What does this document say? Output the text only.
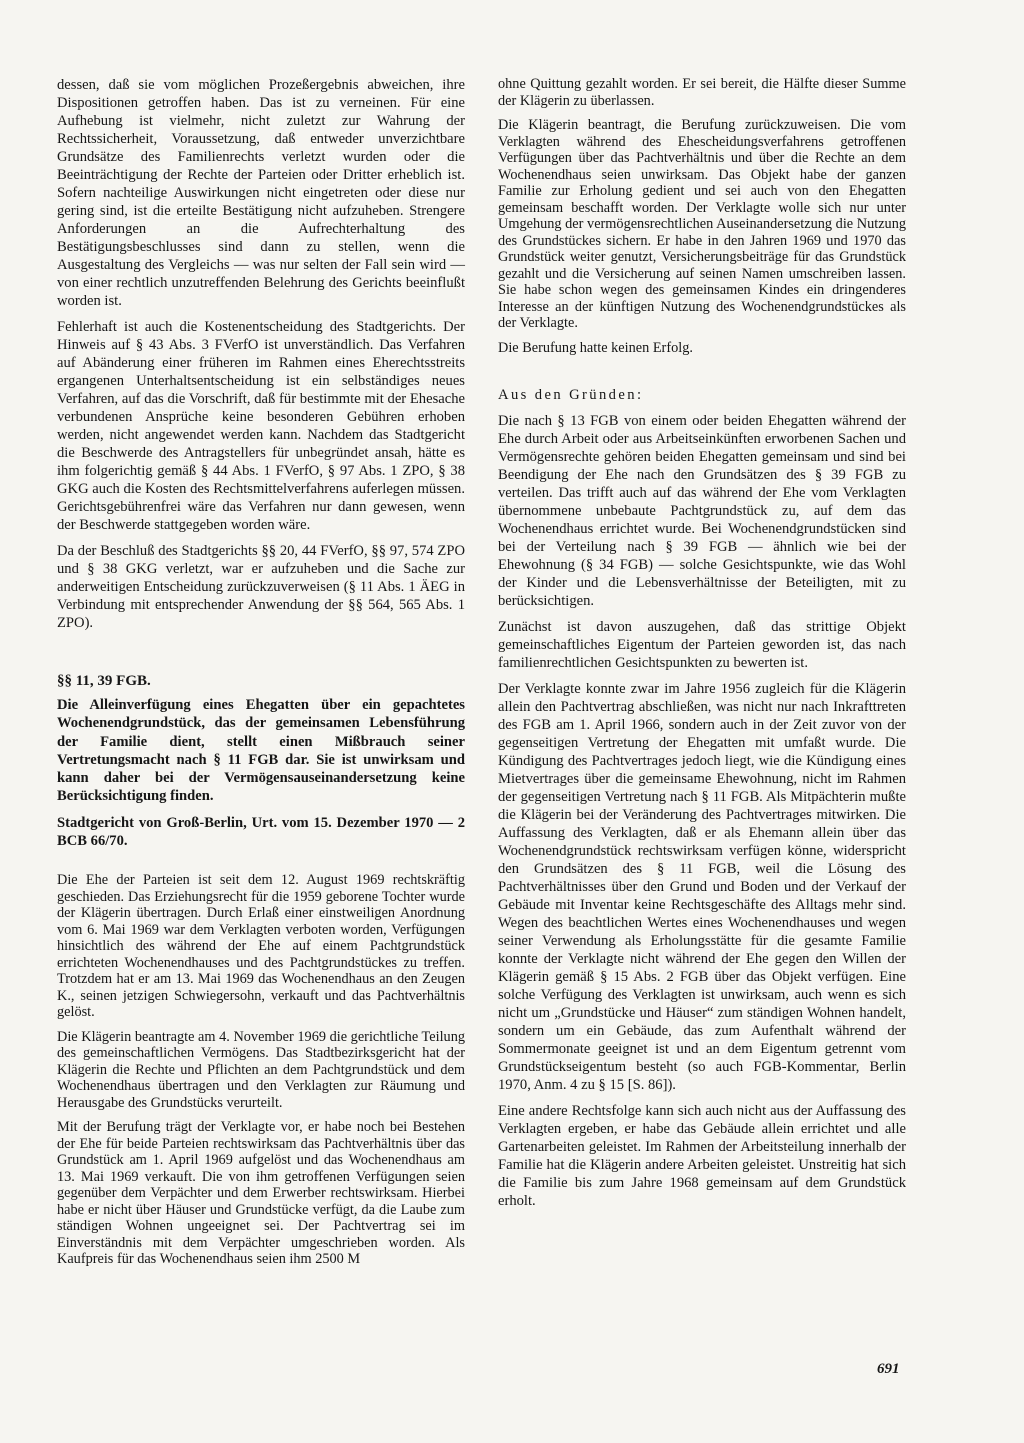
dessen, daß sie vom möglichen Prozeßergebnis abweichen, ihre Dispositionen getroffen haben. Das ist zu verneinen. Für eine Aufhebung ist vielmehr, nicht zuletzt zur Wahrung der Rechtssicherheit, Voraussetzung, daß entweder unverzichtbare Grundsätze des Familienrechts verletzt wurden oder die Beeinträchtigung der Rechte der Parteien oder Dritter erheblich ist. Sofern nachteilige Auswirkungen nicht eingetreten oder diese nur gering sind, ist die erteilte Bestätigung nicht aufzuheben. Strengere Anforderungen an die Aufrechterhaltung des Bestätigungsbeschlusses sind dann zu stellen, wenn die Ausgestaltung des Vergleichs — was nur selten der Fall sein wird — von einer rechtlich unzutreffenden Belehrung des Gerichts beeinflußt worden ist.

Fehlerhaft ist auch die Kostenentscheidung des Stadtgerichts. Der Hinweis auf § 43 Abs. 3 FVerfO ist unverständlich. Das Verfahren auf Abänderung einer früheren im Rahmen eines Eherechtsstreits ergangenen Unterhaltsentscheidung ist ein selbständiges neues Verfahren, auf das die Vorschrift, daß für bestimmte mit der Ehesache verbundenen Ansprüche keine besonderen Gebühren erhoben werden, nicht angewendet werden kann. Nachdem das Stadtgericht die Beschwerde des Antragstellers für unbegründet ansah, hätte es ihm folgerichtig gemäß § 44 Abs. 1 FVerfO, § 97 Abs. 1 ZPO, § 38 GKG auch die Kosten des Rechtsmittelverfahrens auferlegen müssen. Gerichtsgebührenfrei wäre das Verfahren nur dann gewesen, wenn der Beschwerde stattgegeben worden wäre.

Da der Beschluß des Stadtgerichts §§ 20, 44 FVerfO, §§ 97, 574 ZPO und § 38 GKG verletzt, war er aufzuheben und die Sache zur anderweitigen Entscheidung zurückzuverweisen (§ 11 Abs. 1 ÄEG in Verbindung mit entsprechender Anwendung der §§ 564, 565 Abs. 1 ZPO).

§§ 11, 39 FGB.

Die Alleinverfügung eines Ehegatten über ein gepachtetes Wochenendgrundstück, das der gemeinsamen Lebensführung der Familie dient, stellt einen Mißbrauch seiner Vertretungsmacht nach § 11 FGB dar. Sie ist unwirksam und kann daher bei der Vermögensauseinandersetzung keine Berücksichtigung finden.

Stadtgericht von Groß-Berlin, Urt. vom 15. Dezember 1970 — 2 BCB 66/70.

Die Ehe der Parteien ist seit dem 12. August 1969 rechtskräftig geschieden. Das Erziehungsrecht für die 1959 geborene Tochter wurde der Klägerin übertragen. Durch Erlaß einer einstweiligen Anordnung vom 6. Mai 1969 war dem Verklagten verboten worden, Verfügungen hinsichtlich des während der Ehe auf einem Pachtgrundstück errichteten Wochenendhauses und des Pachtgrundstückes zu treffen. Trotzdem hat er am 13. Mai 1969 das Wochenendhaus an den Zeugen K., seinen jetzigen Schwiegersohn, verkauft und das Pachtverhältnis gelöst.

Die Klägerin beantragte am 4. November 1969 die gerichtliche Teilung des gemeinschaftlichen Vermögens. Das Stadtbezirksgericht hat der Klägerin die Rechte und Pflichten an dem Pachtgrundstück und dem Wochenendhaus übertragen und den Verklagten zur Räumung und Herausgabe des Grundstücks verurteilt.

Mit der Berufung trägt der Verklagte vor, er habe noch bei Bestehen der Ehe für beide Parteien rechtswirksam das Pachtverhältnis über das Grundstück am 1. April 1969 aufgelöst und das Wochenendhaus am 13. Mai 1969 verkauft. Die von ihm getroffenen Verfügungen seien gegenüber dem Verpächter und dem Erwerber rechtswirksam. Hierbei habe er nicht über Häuser und Grundstücke verfügt, da die Laube zum ständigen Wohnen ungeeignet sei. Der Pachtvertrag sei im Einverständnis mit dem Verpächter umgeschrieben worden. Als Kaufpreis für das Wochenendhaus seien ihm 2500 M

ohne Quittung gezahlt worden. Er sei bereit, die Hälfte dieser Summe der Klägerin zu überlassen.

Die Klägerin beantragt, die Berufung zurückzuweisen. Die vom Verklagten während des Ehescheidungsverfahrens getroffenen Verfügungen über das Pachtverhältnis und über die Rechte an dem Wochenendhaus seien unwirksam. Das Objekt habe der ganzen Familie zur Erholung gedient und sei auch von den Ehegatten gemeinsam beschafft worden. Der Verklagte wolle sich nur unter Umgehung der vermögensrechtlichen Auseinandersetzung die Nutzung des Grundstückes sichern. Er habe in den Jahren 1969 und 1970 das Grundstück weiter genutzt, Versicherungsbeiträge für das Grundstück gezahlt und die Versicherung auf seinen Namen umschreiben lassen. Sie habe schon wegen des gemeinsamen Kindes ein dringenderes Interesse an der künftigen Nutzung des Wochenendgrundstückes als der Verklagte.

Die Berufung hatte keinen Erfolg.

Aus den Gründen:

Die nach § 13 FGB von einem oder beiden Ehegatten während der Ehe durch Arbeit oder aus Arbeitseinkünften erworbenen Sachen und Vermögensrechte gehören beiden Ehegatten gemeinsam und sind bei Beendigung der Ehe nach den Grundsätzen des § 39 FGB zu verteilen. Das trifft auch auf das während der Ehe vom Verklagten übernommene unbebaute Pachtgrundstück zu, auf dem das Wochenendhaus errichtet wurde. Bei Wochenendgrundstücken sind bei der Verteilung nach § 39 FGB — ähnlich wie bei der Ehewohnung (§ 34 FGB) — solche Gesichtspunkte, wie das Wohl der Kinder und die Lebensverhältnisse der Beteiligten, mit zu berücksichtigen.

Zunächst ist davon auszugehen, daß das strittige Objekt gemeinschaftliches Eigentum der Parteien geworden ist, das nach familienrechtlichen Gesichtspunkten zu bewerten ist.

Der Verklagte konnte zwar im Jahre 1956 zugleich für die Klägerin allein den Pachtvertrag abschließen, was nicht nur nach Inkrafttreten des FGB am 1. April 1966, sondern auch in der Zeit zuvor von der gegenseitigen Vertretung der Ehegatten mit umfaßt wurde. Die Kündigung des Pachtvertrages jedoch liegt, wie die Kündigung eines Mietvertrages über die gemeinsame Ehewohnung, nicht im Rahmen der gegenseitigen Vertretung nach § 11 FGB. Als Mitpächterin mußte die Klägerin bei der Veränderung des Pachtvertrages mitwirken. Die Auffassung des Verklagten, daß er als Ehemann allein über das Wochenendgrundstück rechtswirksam verfügen könne, widerspricht den Grundsätzen des § 11 FGB, weil die Lösung des Pachtverhältnisses über den Grund und Boden und der Verkauf der Gebäude mit Inventar keine Rechtsgeschäfte des Alltags mehr sind. Wegen des beachtlichen Wertes eines Wochenendhauses und wegen seiner Verwendung als Erholungsstätte für die gesamte Familie konnte der Verklagte nicht während der Ehe gegen den Willen der Klägerin gemäß § 15 Abs. 2 FGB über das Objekt verfügen. Eine solche Verfügung des Verklagten ist unwirksam, auch wenn es sich nicht um „Grundstücke und Häuser“ zum ständigen Wohnen handelt, sondern um ein Gebäude, das zum Aufenthalt während der Sommermonate geeignet ist und an dem Eigentum getrennt vom Grundstückseigentum besteht (so auch FGB-Kommentar, Berlin 1970, Anm. 4 zu § 15 [S. 86]).

Eine andere Rechtsfolge kann sich auch nicht aus der Auffassung des Verklagten ergeben, er habe das Gebäude allein errichtet und alle Gartenarbeiten geleistet. Im Rahmen der Arbeitsteilung innerhalb der Familie hat die Klägerin andere Arbeiten geleistet. Unstreitig hat sich die Familie bis zum Jahre 1968 gemeinsam auf dem Grundstück erholt.

691
